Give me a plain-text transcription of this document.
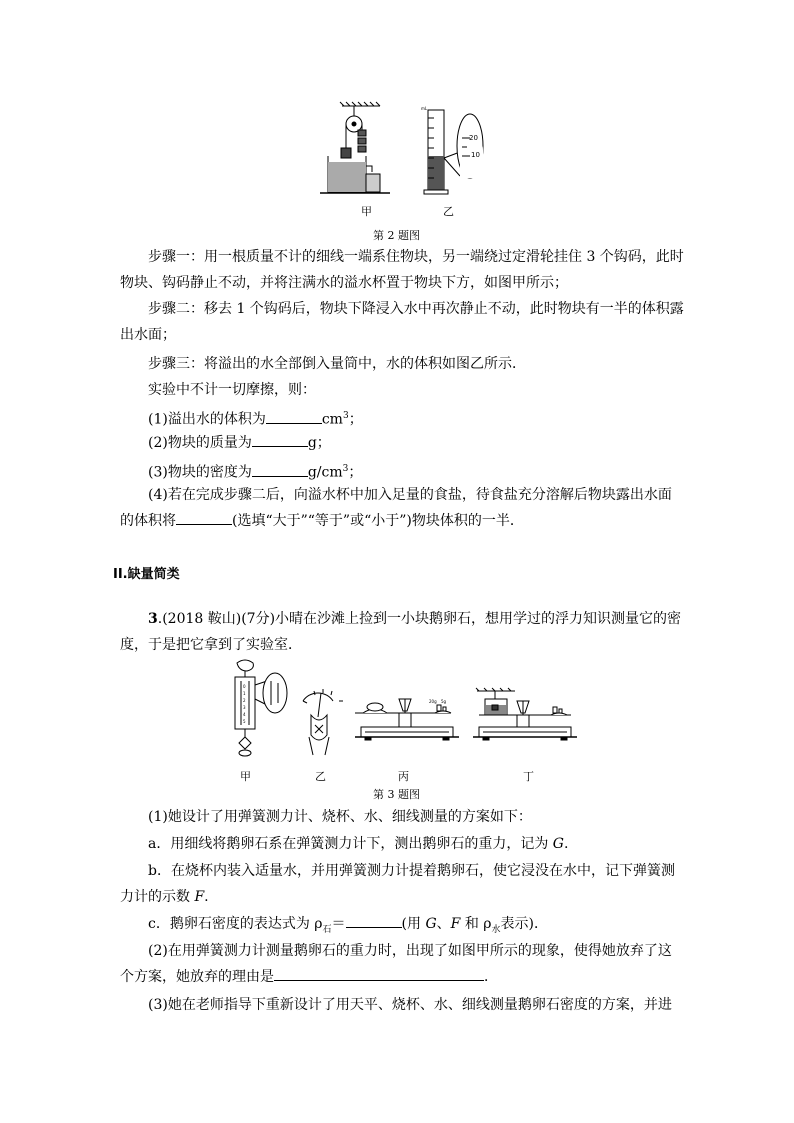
mL
20
10
甲	乙
第 2 题图
步骤一：用一根质量不计的细线一端系住物块，另一端绕过定滑轮挂住 3 个钩码，此时
物块、钩码静止不动，并将注满水的溢水杯置于物块下方，如图甲所示；
步骤二：移去 1 个钩码后，物块下降浸入水中再次静止不动，此时物块有一半的体积露
出水面；
步骤三：将溢出的水全部倒入量筒中，水的体积如图乙所示．
实验中不计一切摩擦，则：
(1)溢出水的体积为	$cm^3$；
(2)物块的质量为	g；
(3)物块的密度为	$g/cm^3$；
(4)若在完成步骤二后，向溢水杯中加入足量的食盐，待食盐充分溶解后物块露出水面
的体积将	(选填“大于”“等于”或“小于”)物块体积的一半．
II.缺量简类
3.(2018 鞍山)(7分)小晴在沙滩上捡到一小块鹅卵石，想用学过的浮力知识测量它的密
度，于是把它拿到了实验室．
0
1
2
3
4
5
20g 5g
甲	乙	丙	丁
第 3 题图
(1)她设计了用弹簧测力计、烧杯、水、细线测量的方案如下：
a．用细线将鹅卵石系在弹簧测力计下，测出鹅卵石的重力，记为 G.
b．在烧杯内装入适量水，并用弹簧测力计提着鹅卵石，使它浸没在水中，记下弹簧测
力计的示数 F.
c．鹅卵石密度的表达式为 $\rho_石=$	(用 G、F 和 $\rho_水$表示)．
(2)在用弹簧测力计测量鹅卵石的重力时，出现了如图甲所示的现象，使得她放弃了这
个方案，她放弃的理由是	．
(3)她在老师指导下重新设计了用天平、烧杯、水、细线测量鹅卵石密度的方案，并进
